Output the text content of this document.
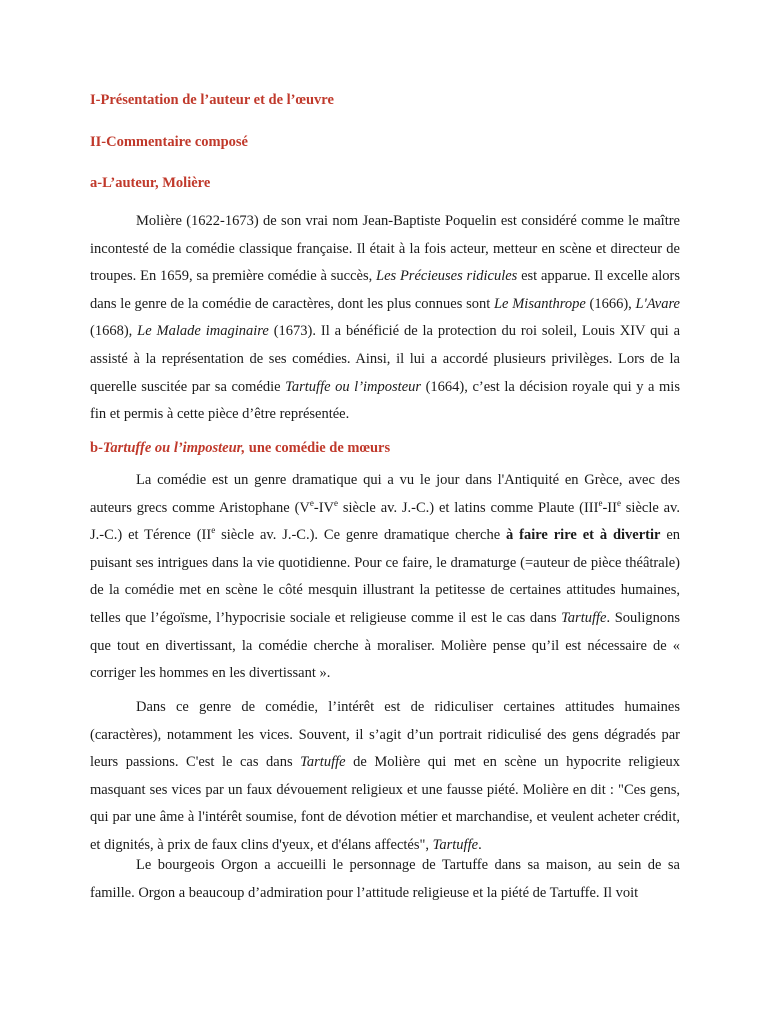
I-Présentation de l’auteur et de l’œuvre
II-Commentaire composé
a-L’auteur, Molière

Molière (1622-1673) de son vrai nom Jean-Baptiste Poquelin est considéré comme le maître incontesté de la comédie classique française. Il était à la fois acteur, metteur en scène et directeur de troupes. En 1659, sa première comédie à succès, Les Précieuses ridicules est apparue. Il excelle alors dans le genre de la comédie de caractères, dont les plus connues sont Le Misanthrope (1666), L'Avare (1668), Le Malade imaginaire (1673). Il a bénéficié de la protection du roi soleil, Louis XIV qui a assisté à la représentation de ses comédies. Ainsi, il lui a accordé plusieurs privilèges. Lors de la querelle suscitée par sa comédie Tartuffe ou l’imposteur (1664), c’est la décision royale qui y a mis fin et permis à cette pièce d’être représentée.

b-Tartuffe ou l’imposteur, une comédie de mœurs

La comédie est un genre dramatique qui a vu le jour dans l'Antiquité en Grèce, avec des auteurs grecs comme Aristophane (Ve-IVe siècle av. J.-C.) et latins comme Plaute (IIIe-IIe siècle av. J.-C.) et Térence (IIe siècle av. J.-C.). Ce genre dramatique cherche à faire rire et à divertir en puisant ses intrigues dans la vie quotidienne. Pour ce faire, le dramaturge (=auteur de pièce théâtrale) de la comédie met en scène le côté mesquin illustrant la petitesse de certaines attitudes humaines, telles que l’égoïsme, l’hypocrisie sociale et religieuse comme il est le cas dans Tartuffe. Soulignons que tout en divertissant, la comédie cherche à moraliser. Molière pense qu’il est nécessaire de « corriger les hommes en les divertissant ».

Dans ce genre de comédie, l’intérêt est de ridiculiser certaines attitudes humaines (caractères), notamment les vices. Souvent, il s’agit d’un portrait ridiculisé des gens dégradés par leurs passions. C'est le cas dans Tartuffe de Molière qui met en scène un hypocrite religieux masquant ses vices par un faux dévouement religieux et une fausse piété. Molière en dit : "Ces gens, qui par une âme à l'intérêt soumise, font de dévotion métier et marchandise, et veulent acheter crédit, et dignités, à prix de faux clins d'yeux, et d'élans affectés", Tartuffe.

Le bourgeois Orgon a accueilli le personnage de Tartuffe dans sa maison, au sein de sa famille. Orgon a beaucoup d’admiration pour l’attitude religieuse et la piété de Tartuffe. Il voit
